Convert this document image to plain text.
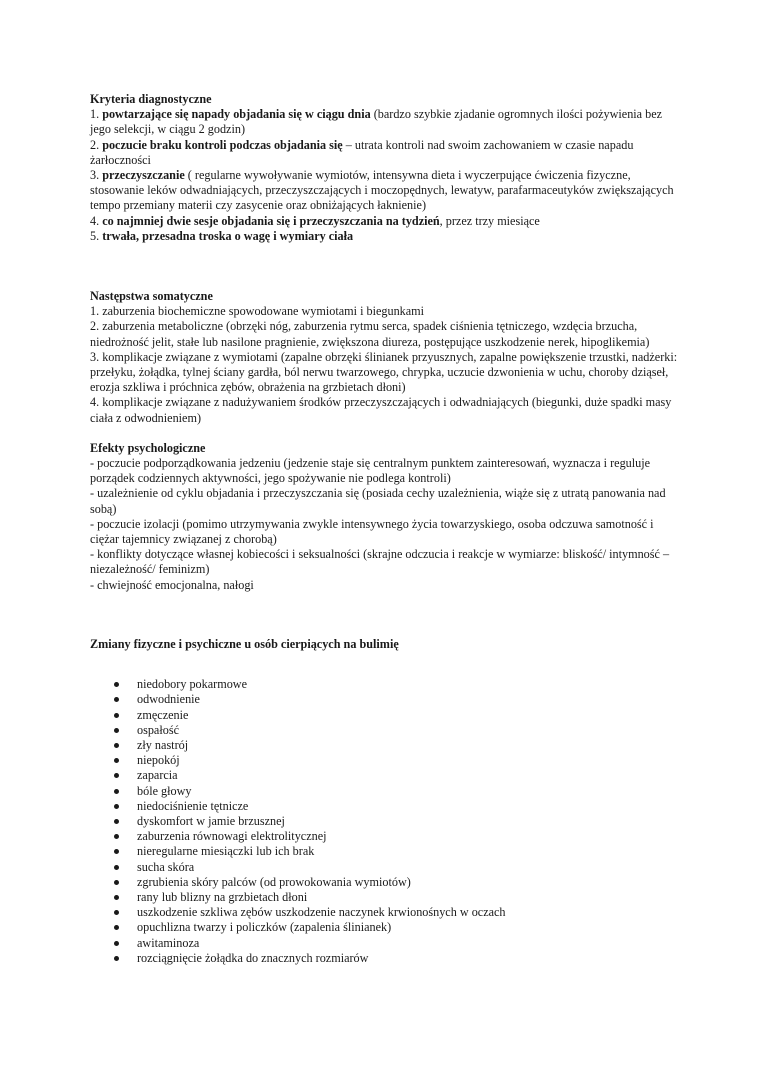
Kryteria diagnostyczne
1. powtarzające się napady objadania się w ciągu dnia (bardzo szybkie zjadanie ogromnych ilości pożywienia bez jego selekcji, w ciągu 2 godzin)
2. poczucie braku kontroli podczas objadania się – utrata kontroli nad swoim zachowaniem w czasie napadu żarłoczności
3. przeczyszczanie ( regularne wywoływanie wymiotów, intensywna dieta i wyczerpujące ćwiczenia fizyczne, stosowanie leków odwadniających, przeczyszczających i moczopędnych, lewatyw, parafarmaceutyków zwiększających tempo przemiany materii czy zasycenie oraz obniżających łaknienie)
4. co najmniej dwie sesje objadania się i przeczyszczania na tydzień, przez trzy miesiące
5. trwała, przesadna troska o wagę i wymiary ciała
Następstwa somatyczne
1. zaburzenia biochemiczne spowodowane wymiotami i biegunkami
2. zaburzenia metaboliczne (obrzęki nóg, zaburzenia rytmu serca, spadek ciśnienia tętniczego, wzdęcia brzucha, niedrożność jelit, stałe lub nasilone pragnienie, zwiększona diureza, postępujące uszkodzenie nerek, hipoglikemia)
3. komplikacje związane z wymiotami (zapalne obrzęki ślinianek przyusznych, zapalne powiększenie trzustki, nadżerki: przełyku, żołądka, tylnej ściany gardła, ból nerwu twarzowego, chrypka, uczucie dzwonienia w uchu, choroby dziąseł, erozja szkliwa i próchnica zębów, obrażenia na grzbietach dłoni)
4. komplikacje związane z nadużywaniem środków przeczyszczających i odwadniających (biegunki, duże spadki masy ciała z odwodnieniem)
Efekty psychologiczne
- poczucie podporządkowania jedzeniu (jedzenie staje się centralnym punktem zainteresowań, wyznacza i reguluje porządek codziennych aktywności, jego spożywanie nie podlega kontroli)
- uzależnienie od cyklu objadania i przeczyszczania się (posiada cechy uzależnienia, wiąże się z utratą panowania nad sobą)
- poczucie izolacji (pomimo utrzymywania zwykle intensywnego życia towarzyskiego, osoba odczuwa samotność i ciężar tajemnicy związanej z chorobą)
- konflikty dotyczące własnej kobiecości i seksualności (skrajne odczucia i reakcje w wymiarze: bliskość/ intymność – niezależność/ feminizm)
- chwiejność emocjonalna, nałogi
Zmiany fizyczne i psychiczne u osób cierpiących na bulimię
niedobory pokarmowe
odwodnienie
zmęczenie
ospałość
zły nastrój
niepokój
zaparcia
bóle głowy
niedociśnienie tętnicze
dyskomfort w jamie brzusznej
zaburzenia równowagi elektrolitycznej
nieregularne miesiączki lub ich brak
sucha skóra
zgrubienia skóry palców (od prowokowania wymiotów)
rany lub blizny na grzbietach dłoni
uszkodzenie szkliwa zębów uszkodzenie naczynek krwionośnych w oczach
opuchlizna twarzy i policzków (zapalenia ślinianek)
awitaminoza
rozciągnięcie żołądka do znacznych rozmiarów
